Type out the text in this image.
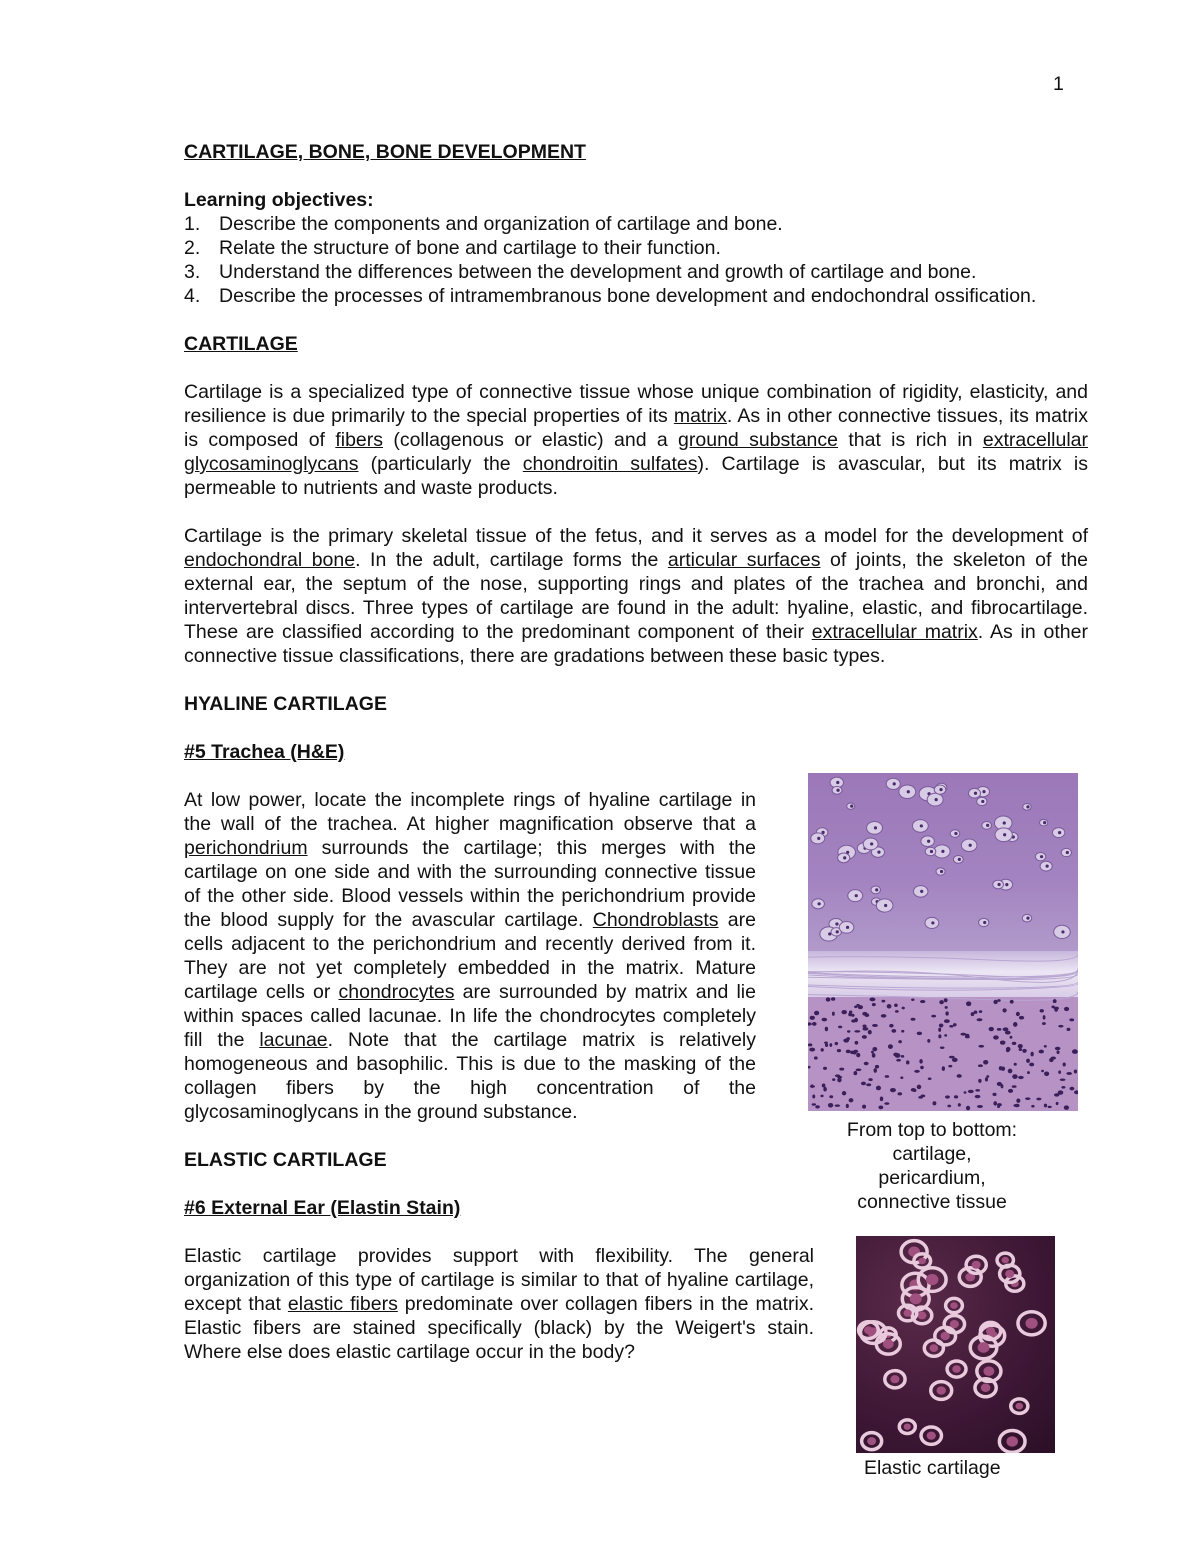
1
CARTILAGE, BONE, BONE DEVELOPMENT
Learning objectives:
1. Describe the components and organization of cartilage and bone.
2. Relate the structure of bone and cartilage to their function.
3. Understand the differences between the development and growth of cartilage and bone.
4. Describe the processes of intramembranous bone development and endochondral ossification.
CARTILAGE

Cartilage is a specialized type of connective tissue whose unique combination of rigidity, elasticity, and resilience is due primarily to the special properties of its matrix. As in other connective tissues, its matrix is composed of fibers (collagenous or elastic) and a ground substance that is rich in extracellular glycosaminoglycans (particularly the chondroitin sulfates). Cartilage is avascular, but its matrix is permeable to nutrients and waste products.

Cartilage is the primary skeletal tissue of the fetus, and it serves as a model for the development of endochondral bone. In the adult, cartilage forms the articular surfaces of joints, the skeleton of the external ear, the septum of the nose, supporting rings and plates of the trachea and bronchi, and intervertebral discs. Three types of cartilage are found in the adult: hyaline, elastic, and fibrocartilage. These are classified according to the predominant component of their extracellular matrix. As in other connective tissue classifications, there are gradations between these basic types.

HYALINE CARTILAGE
#5 Trachea (H&E)

At low power, locate the incomplete rings of hyaline cartilage in the wall of the trachea. At higher magnification observe that a perichondrium surrounds the cartilage; this merges with the cartilage on one side and with the surrounding connective tissue of the other side. Blood vessels within the perichondrium provide the blood supply for the avascular cartilage. Chondroblasts are cells adjacent to the perichondrium and recently derived from it. They are not yet completely embedded in the matrix. Mature cartilage cells or chondrocytes are surrounded by matrix and lie within spaces called lacunae. In life the chondrocytes completely fill the lacunae. Note that the cartilage matrix is relatively homogeneous and basophilic. This is due to the masking of the collagen fibers by the high concentration of the glycosaminoglycans in the ground substance.

ELASTIC CARTILAGE
#6 External Ear (Elastin Stain)

Elastic cartilage provides support with flexibility. The general organization of this type of cartilage is similar to that of hyaline cartilage, except that elastic fibers predominate over collagen fibers in the matrix. Elastic fibers are stained specifically (black) by the Weigert's stain. Where else does elastic cartilage occur in the body?

From top to bottom:
cartilage,
pericardium,
connective tissue
Elastic cartilage
